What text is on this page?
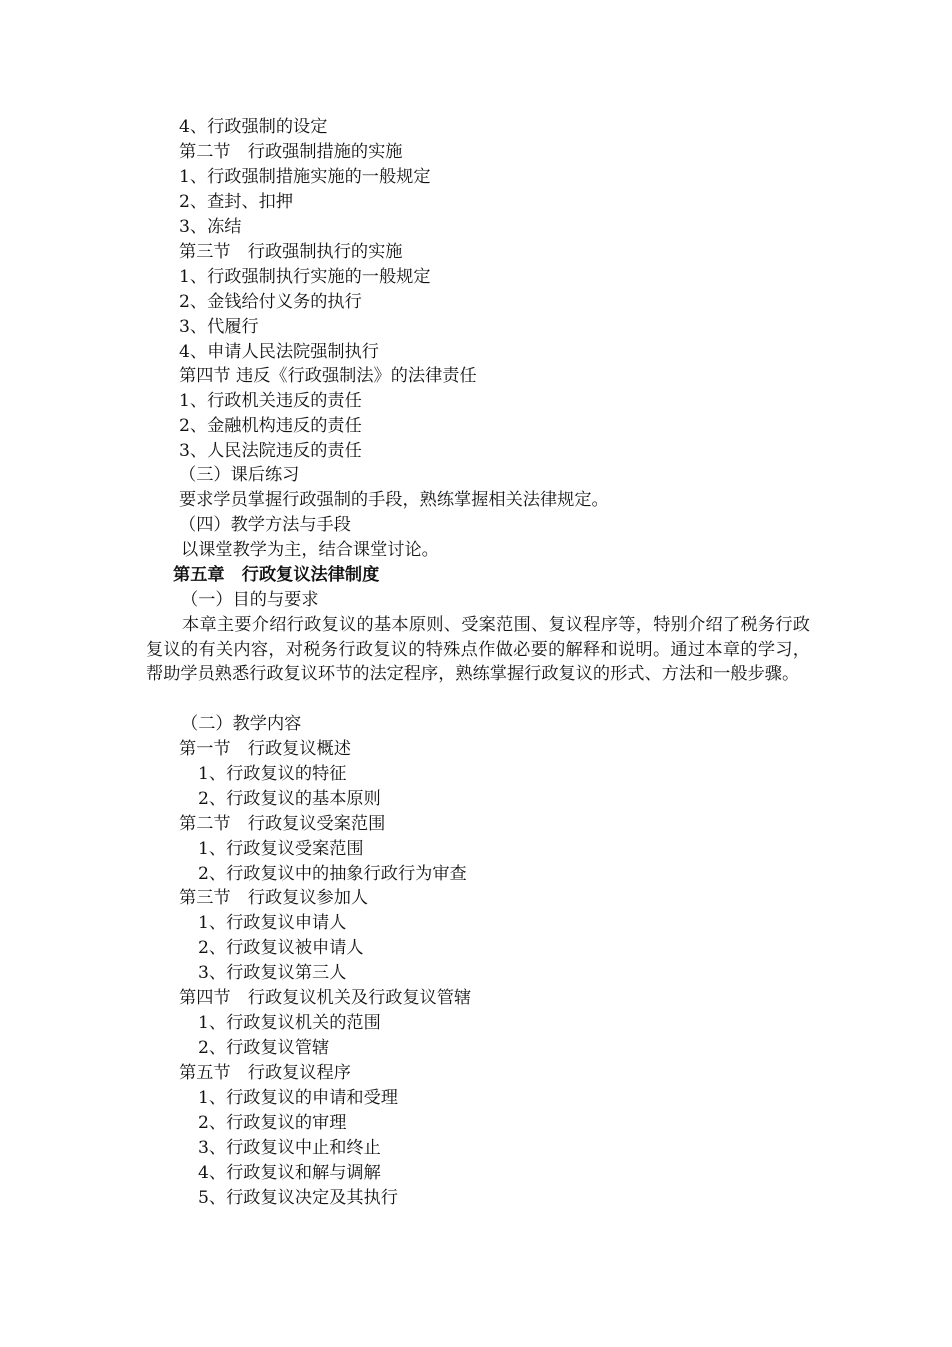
4、行政强制的设定
第二节　行政强制措施的实施
1、行政强制措施实施的一般规定
2、查封、扣押
3、冻结
第三节　行政强制执行的实施
1、行政强制执行实施的一般规定
2、金钱给付义务的执行
3、代履行
4、申请人民法院强制执行
第四节 违反《行政强制法》的法律责任
1、行政机关违反的责任
2、金融机构违反的责任
3、人民法院违反的责任
（三）课后练习
要求学员掌握行政强制的手段，熟练掌握相关法律规定。
（四）教学方法与手段
以课堂教学为主，结合课堂讨论。
第五章　行政复议法律制度
（一）目的与要求
本章主要介绍行政复议的基本原则、受案范围、复议程序等，特别介绍了税务行政复议的有关内容，对税务行政复议的特殊点作做必要的解释和说明。通过本章的学习，帮助学员熟悉行政复议环节的法定程序，熟练掌握行政复议的形式、方法和一般步骤。
（二）教学内容
第一节　行政复议概述
1、行政复议的特征
2、行政复议的基本原则
第二节　行政复议受案范围
1、行政复议受案范围
2、行政复议中的抽象行政行为审查
第三节　行政复议参加人
1、行政复议申请人
2、行政复议被申请人
3、行政复议第三人
第四节　行政复议机关及行政复议管辖
1、行政复议机关的范围
2、行政复议管辖
第五节　行政复议程序
1、行政复议的申请和受理
2、行政复议的审理
3、行政复议中止和终止
4、行政复议和解与调解
5、行政复议决定及其执行
